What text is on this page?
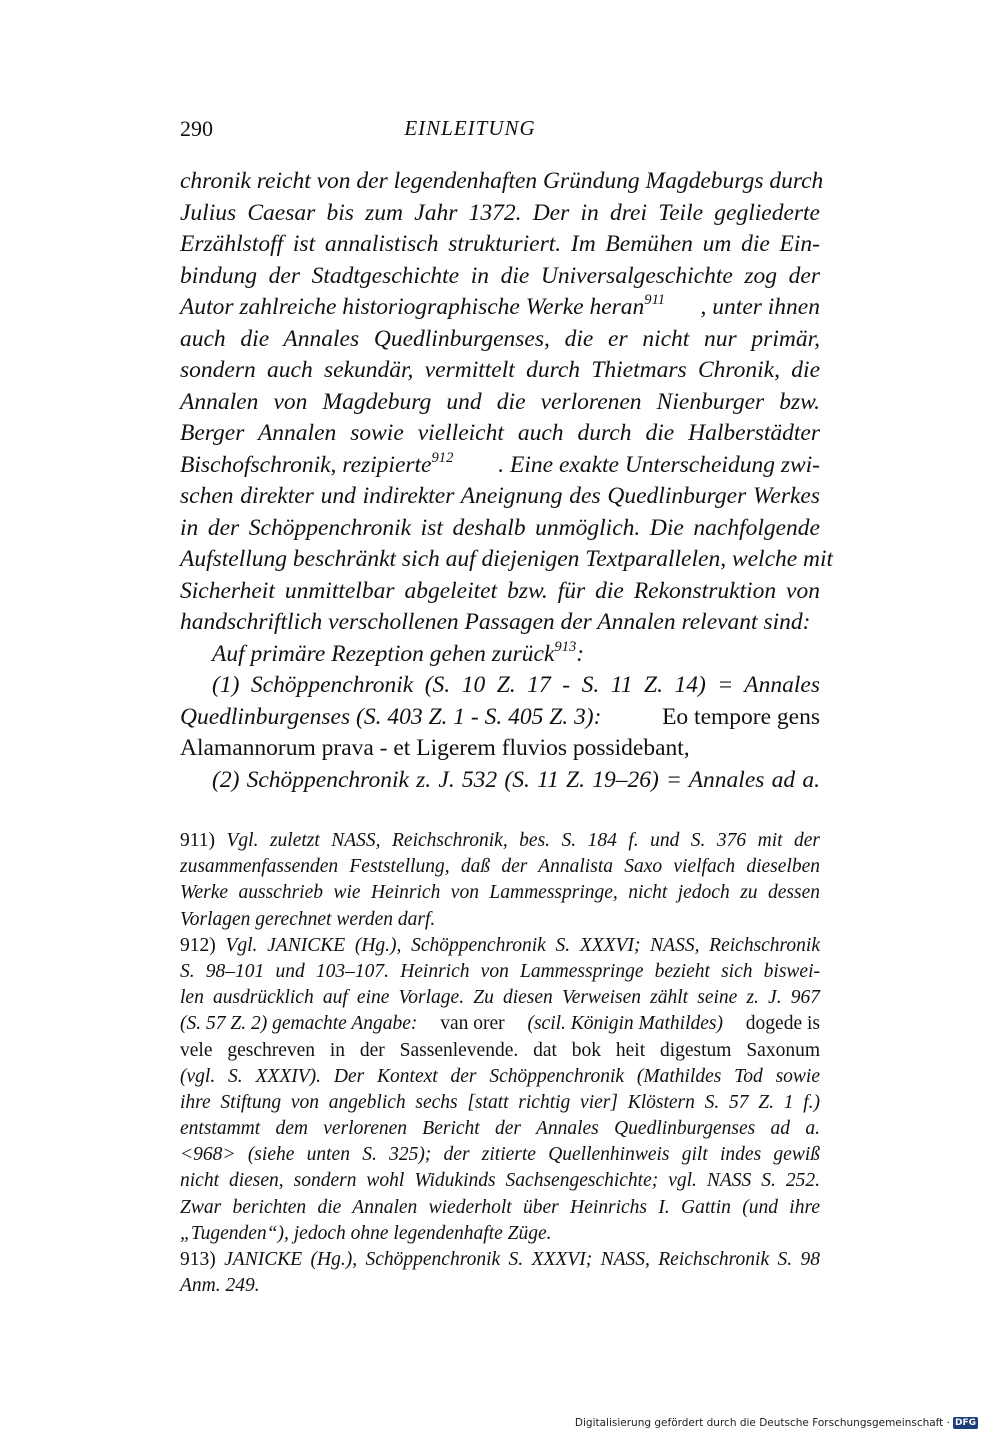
290	EINLEITUNG
chronik reicht von der legendenhaften Gründung Magdeburgs durch
Julius Caesar bis zum Jahr 1372. Der in drei Teile gegliederte
Erzählstoff ist annalistisch strukturiert. Im Bemühen um die Ein-
bindung der Stadtgeschichte in die Universalgeschichte zog der
Autor zahlreiche historiographische Werke heran$^{911}$ , unter ihnen
auch die Annales Quedlinburgenses, die er nicht nur primär,
sondern auch sekundär, vermittelt durch Thietmars Chronik, die
Annalen von Magdeburg und die verlorenen Nienburger bzw.
Berger Annalen sowie vielleicht auch durch die Halberstädter
Bischofschronik, rezipierte$^{912}$ . Eine exakte Unterscheidung zwi-
schen direkter und indirekter Aneignung des Quedlinburger Werkes
in der Schöppenchronik ist deshalb unmöglich. Die nachfolgende
Aufstellung beschränkt sich auf diejenigen Textparallelen, welche mit
Sicherheit unmittelbar abgeleitet bzw. für die Rekonstruktion von
handschriftlich verschollenen Passagen der Annalen relevant sind:
Auf primäre Rezeption gehen zurück$^{913}$:
(1) Schöppenchronik (S. 10 Z. 17 - S. 11 Z. 14) = Annales
Quedlinburgenses (S. 403 Z. 1 - S. 405 Z. 3):	Eo tempore gens
Alamannorum prava - et Ligerem fluvios possidebant,
(2) Schöppenchronik z. J. 532 (S. 11 Z. 19–26) = Annales ad a.
911) Vgl. zuletzt NASS, Reichschronik, bes. S. 184 f. und S. 376 mit der
zusammenfassenden Feststellung, daß der Annalista Saxo vielfach dieselben
Werke ausschrieb wie Heinrich von Lammesspringe, nicht jedoch zu dessen
Vorlagen gerechnet werden darf.
912) Vgl. JANICKE (Hg.), Schöppenchronik S. XXXVI; NASS, Reichschronik
S. 98–101 und 103–107. Heinrich von Lammesspringe bezieht sich biswei-
len ausdrücklich auf eine Vorlage. Zu diesen Verweisen zählt seine z. J. 967
(S. 57 Z. 2) gemachte Angabe: van orer (scil. Königin Mathildes) dogede is
vele geschreven in der Sassenlevende. dat bok heit digestum Saxonum
(vgl. S. XXXIV). Der Kontext der Schöppenchronik (Mathildes Tod sowie
ihre Stiftung von angeblich sechs [statt richtig vier] Klöstern S. 57 Z. 1 f.)
entstammt dem verlorenen Bericht der Annales Quedlinburgenses ad a.
<968> (siehe unten S. 325); der zitierte Quellenhinweis gilt indes gewiß
nicht diesen, sondern wohl Widukinds Sachsengeschichte; vgl. NASS S. 252.
Zwar berichten die Annalen wiederholt über Heinrichs I. Gattin (und ihre
„Tugenden“), jedoch ohne legendenhafte Züge.
913) JANICKE (Hg.), Schöppenchronik S. XXXVI; NASS, Reichschronik S. 98
Anm. 249.
Digitalisierung gefördert durch die Deutsche Forschungsgemeinschaft · DFG
